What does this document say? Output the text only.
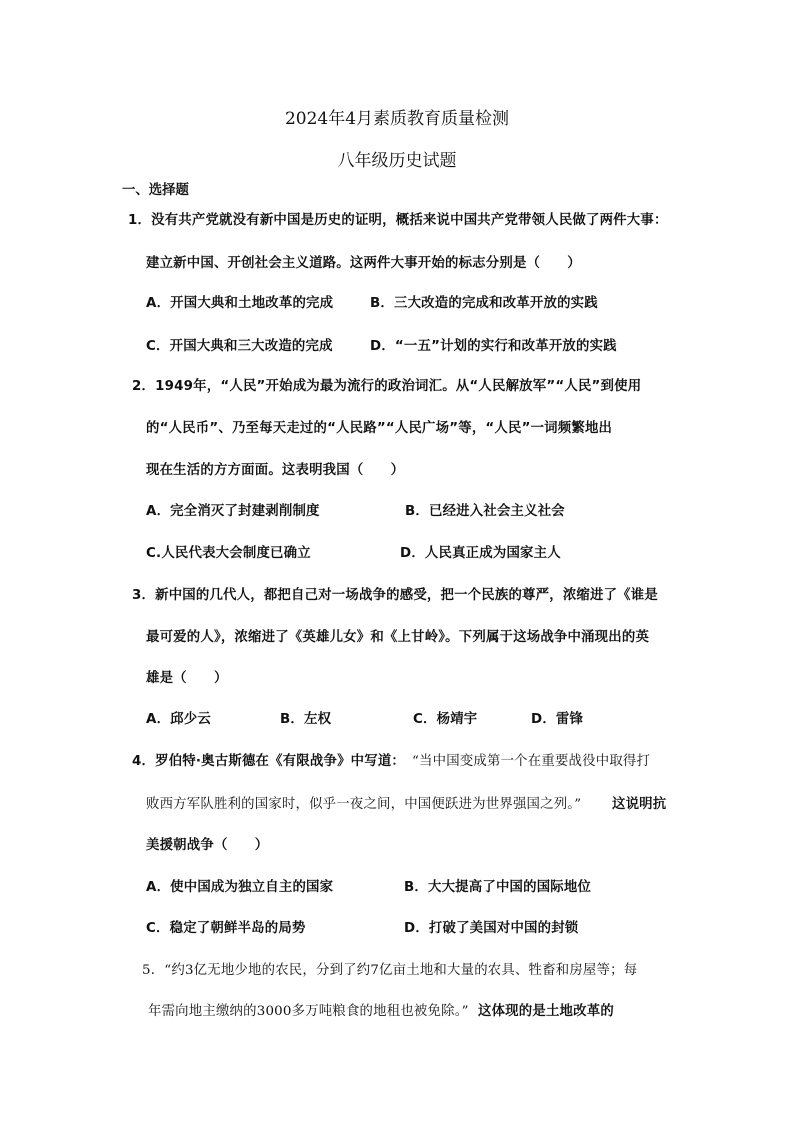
2024年4月素质教育质量检测
八年级历史试题
一、选择题
1．没有共产党就没有新中国是历史的证明，概括来说中国共产党带领人民做了两件大事：
建立新中国、开创社会主义道路。这两件大事开始的标志分别是（　　）
A．开国大典和土地改革的完成	B．三大改造的完成和改革开放的实践
C．开国大典和三大改造的完成	D．“一五”计划的实行和改革开放的实践
2．1949年，“人民”开始成为最为流行的政治词汇。从“人民解放军”“人民”到使用
的“人民币”、乃至每天走过的“人民路”“人民广场”等，“人民”一词频繁地出
现在生活的方方面面。这表明我国（　　）
A．完全消灭了封建剥削制度	B．已经进入社会主义社会
C.人民代表大会制度已确立	D．人民真正成为国家主人
3．新中国的几代人，都把自己对一场战争的感受，把一个民族的尊严，浓缩进了《谁是
最可爱的人》，浓缩进了《英雄儿女》和《上甘岭》。下列属于这场战争中涌现出的英
雄是（　　）
A．邱少云	B．左权	C．杨靖宇	D．雷锋
4．罗伯特·奥古斯德在《有限战争》中写道： “当中国变成第一个在重要战役中取得打
败西方军队胜利的国家时，似乎一夜之间，中国便跃进为世界强国之列。” 这说明抗
美援朝战争（　　）
A．使中国成为独立自主的国家	B．大大提高了中国的国际地位
C．稳定了朝鲜半岛的局势	D．打破了美国对中国的封锁
5．“约3亿无地少地的农民，分到了约7亿亩土地和大量的农具、牲畜和房屋等；每
年需向地主缴纳的3000多万吨粮食的地租也被免除。” 这体现的是土地改革的
